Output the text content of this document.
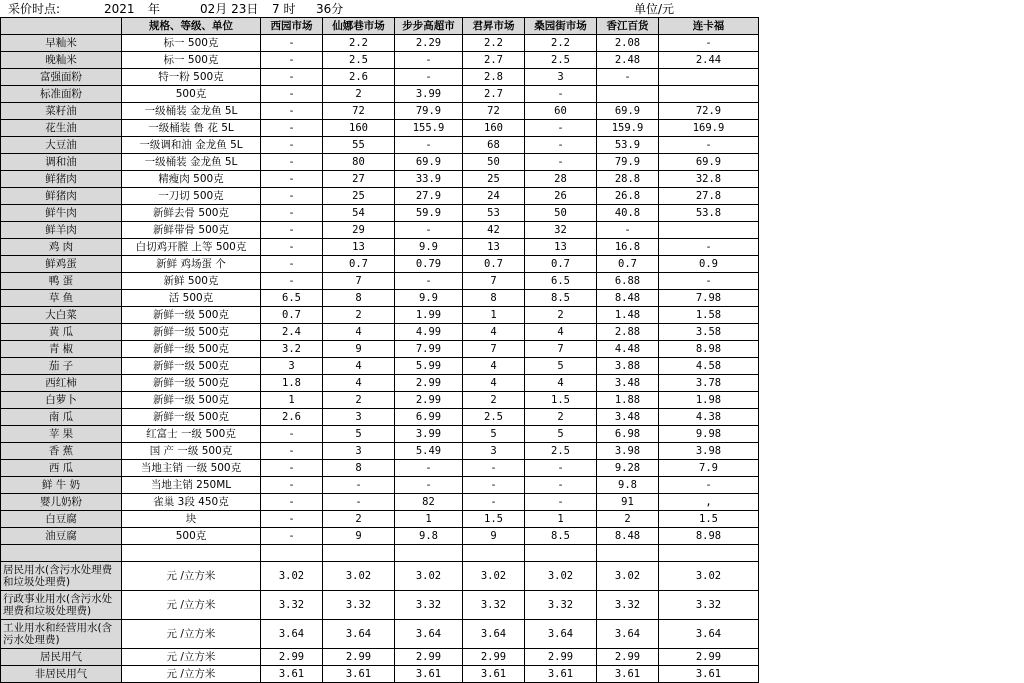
采价时点:	2021 年	02月 23日 7 时 36分	单位/元
	规格、等级、单位	西园市场	仙娜巷市场	步步高超市	君昇市场	桑园街市场	香江百货	连卡福
早籼米	标一 500克	-	2.2	2.29	2.2	2.2	2.08	-
晚籼米	标一 500克	-	2.5	-	2.7	2.5	2.48	2.44
富强面粉	特一粉 500克	-	2.6	-	2.8	3	-	
标准面粉	500克	-	2	3.99	2.7	-		
菜籽油	一级桶装 金龙鱼 5L	-	72	79.9	72	60	69.9	72.9
花生油	一级桶装 鲁 花 5L	-	160	155.9	160	-	159.9	169.9
大豆油	一级调和油 金龙鱼 5L	-	55	-	68	-	53.9	-
调和油	一级桶装 金龙鱼 5L	-	80	69.9	50	-	79.9	69.9
鲜猪肉	精瘦肉 500克	-	27	33.9	25	28	28.8	32.8
鲜猪肉	一刀切 500克	-	25	27.9	24	26	26.8	27.8
鲜牛肉	新鲜去骨 500克	-	54	59.9	53	50	40.8	53.8
鲜羊肉	新鲜带骨 500克	-	29	-	42	32	-	
鸡 肉	白切鸡开膛 上等 500克	-	13	9.9	13	13	16.8	-
鲜鸡蛋	新鲜 鸡场蛋 个	-	0.7	0.79	0.7	0.7	0.7	0.9
鸭 蛋	新鲜 500克	-	7	-	7	6.5	6.88	-
草 鱼	活 500克	6.5	8	9.9	8	8.5	8.48	7.98
大白菜	新鲜一级 500克	0.7	2	1.99	1	2	1.48	1.58
黄 瓜	新鲜一级 500克	2.4	4	4.99	4	4	2.88	3.58
青 椒	新鲜一级 500克	3.2	9	7.99	7	7	4.48	8.98
茄 子	新鲜一级 500克	3	4	5.99	4	5	3.88	4.58
西红柿	新鲜一级 500克	1.8	4	2.99	4	4	3.48	3.78
白萝卜	新鲜一级 500克	1	2	2.99	2	1.5	1.88	1.98
南 瓜	新鲜一级 500克	2.6	3	6.99	2.5	2	3.48	4.38
苹 果	红富士 一级 500克	-	5	3.99	5	5	6.98	9.98
香 蕉	国 产 一级 500克	-	3	5.49	3	2.5	3.98	3.98
西 瓜	当地主销 一级 500克	-	8	-	-	-	9.28	7.9
鲜 牛 奶	当地主销 250ML	-	-	-	-	-	9.8	-
婴儿奶粉	雀巢 3段 450克	-	-	82	-	-	91	,
白豆腐	块	-	2	1	1.5	1	2	1.5
油豆腐	500克	-	9	9.8	9	8.5	8.48	8.98

居民用水(含污水处理费和垃圾处理费)	元 /立方米	3.02	3.02	3.02	3.02	3.02	3.02	3.02
行政事业用水(含污水处理费和垃圾处理费)	元 /立方米	3.32	3.32	3.32	3.32	3.32	3.32	3.32
工业用水和经营用水(含污水处理费)	元 /立方米	3.64	3.64	3.64	3.64	3.64	3.64	3.64
居民用气	元 /立方米	2.99	2.99	2.99	2.99	2.99	2.99	2.99
非居民用气	元 /立方米	3.61	3.61	3.61	3.61	3.61	3.61	3.61
